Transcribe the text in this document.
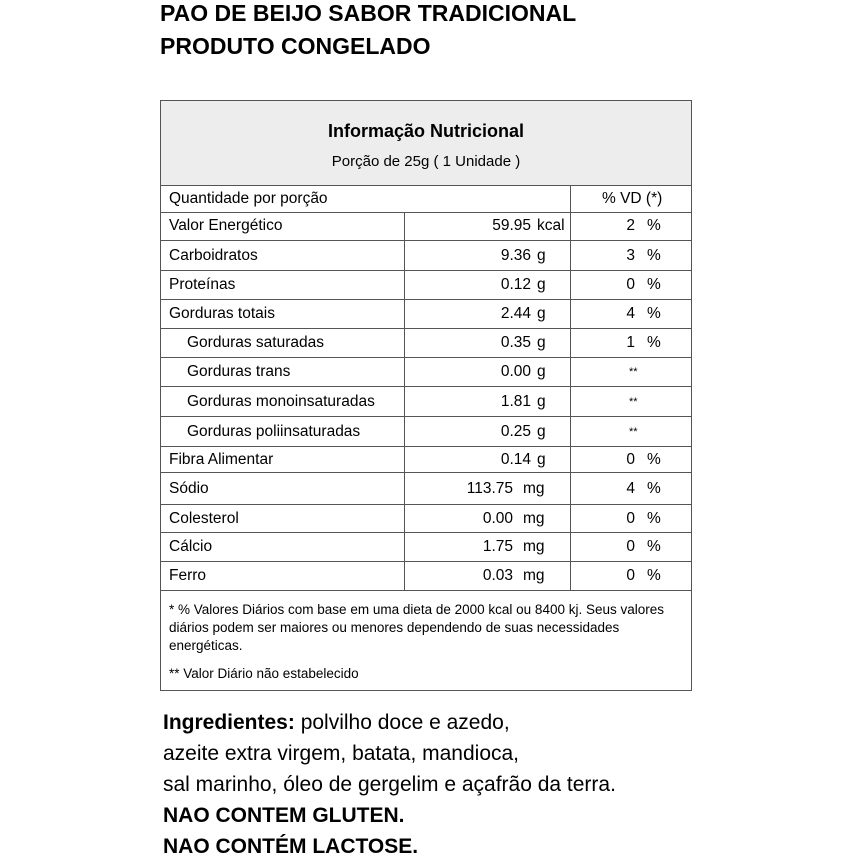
PAO DE BEIJO SABOR TRADICIONAL
PRODUTO CONGELADO
Informação Nutricional
Porção de 25g ( 1 Unidade )
Quantidade por porção	% VD (*)
Valor Energético	59.95 kcal	2 %
Carboidratos	9.36 g	3 %
Proteínas	0.12 g	0 %
Gorduras totais	2.44 g	4 %
Gorduras saturadas	0.35 g	1 %
Gorduras trans	0.00 g	**
Gorduras monoinsaturadas	1.81 g	**
Gorduras poliinsaturadas	0.25 g	**
Fibra Alimentar	0.14 g	0 %
Sódio	113.75 mg	4 %
Colesterol	0.00 mg	0 %
Cálcio	1.75 mg	0 %
Ferro	0.03 mg	0 %

* % Valores Diários com base em uma dieta de 2000 kcal ou 8400 kj. Seus valores diários podem ser maiores ou menores dependendo de suas necessidades energéticas.

** Valor Diário não estabelecido

Ingredientes: polvilho doce e azedo,
azeite extra virgem, batata, mandioca,
sal marinho, óleo de gergelim e açafrão da terra.
NAO CONTEM GLUTEN.
NAO CONTÉM LACTOSE.
